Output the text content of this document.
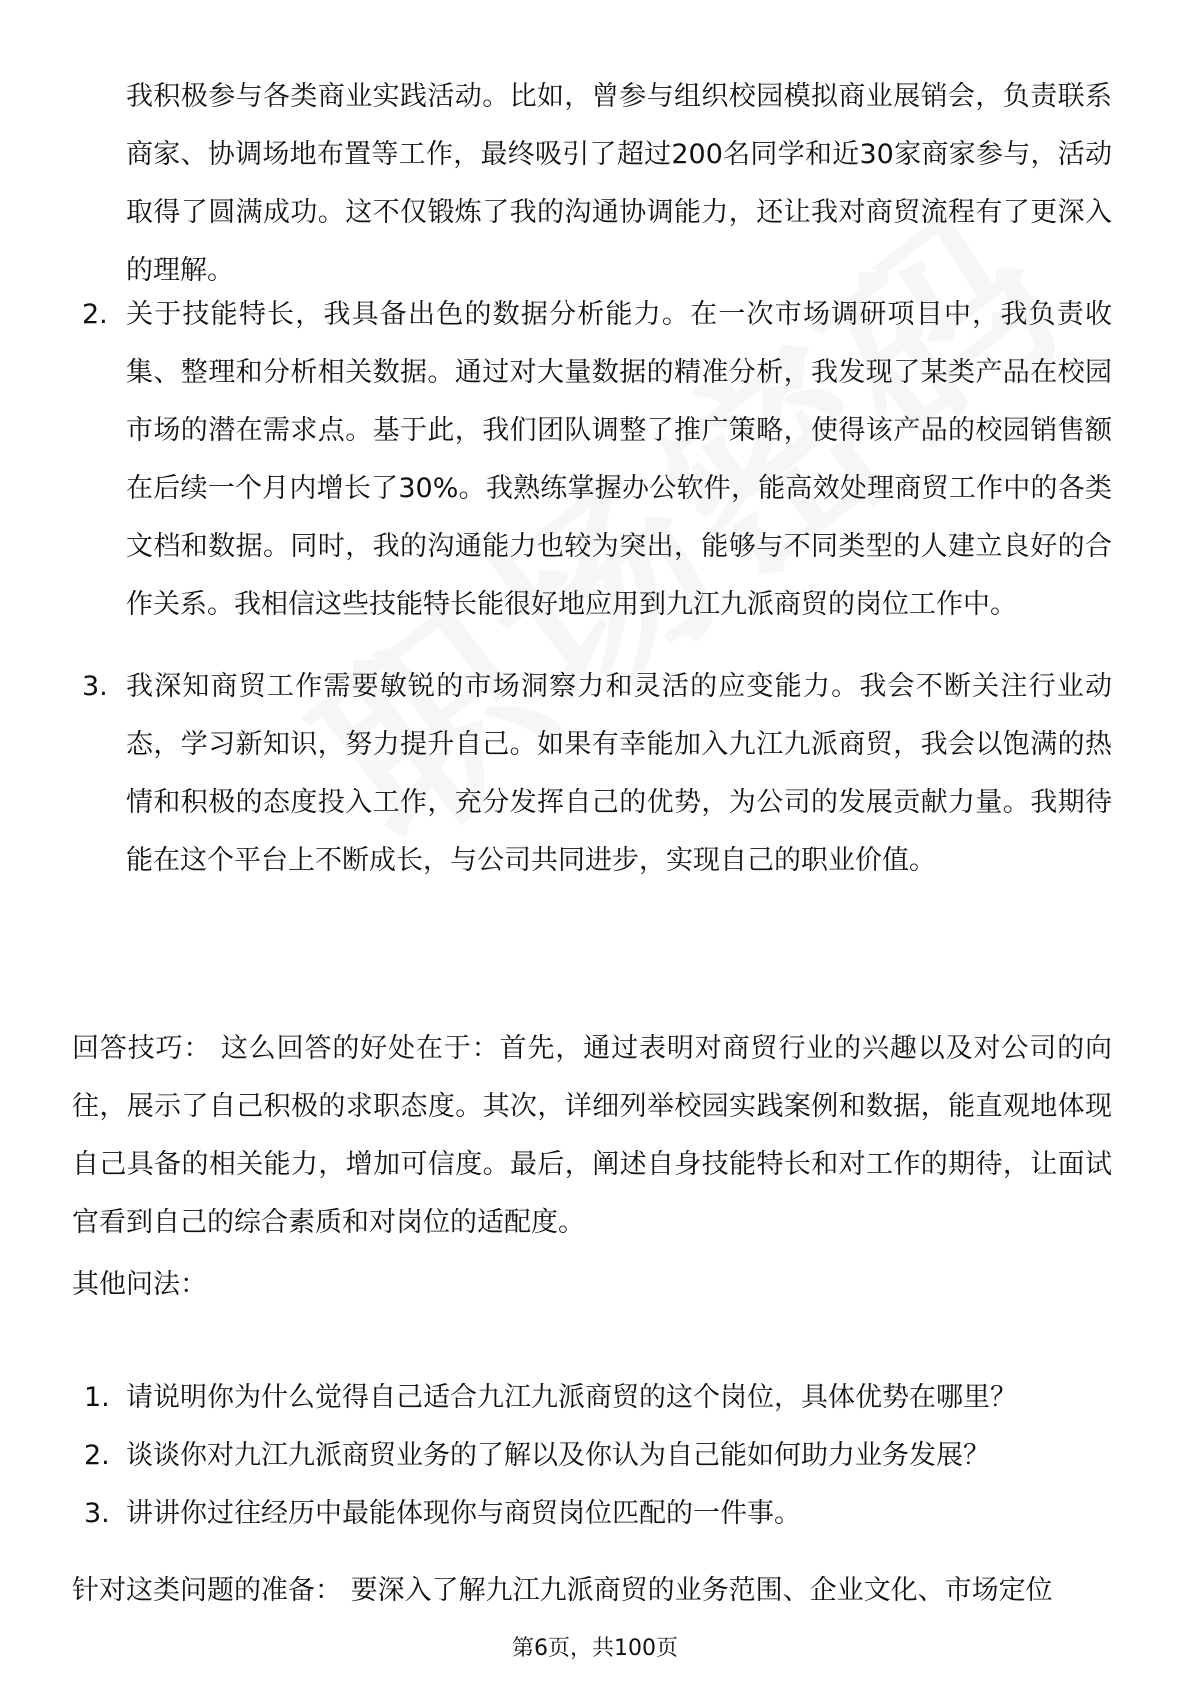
我积极参与各类商业实践活动。比如，曾参与组织校园模拟商业展销会，负责联系商家、协调场地布置等工作，最终吸引了超过200名同学和近30家商家参与，活动取得了圆满成功。这不仅锻炼了我的沟通协调能力，还让我对商贸流程有了更深入的理解。

2. 关于技能特长，我具备出色的数据分析能力。在一次市场调研项目中，我负责收集、整理和分析相关数据。通过对大量数据的精准分析，我发现了某类产品在校园市场的潜在需求点。基于此，我们团队调整了推广策略，使得该产品的校园销售额在后续一个月内增长了30%。我熟练掌握办公软件，能高效处理商贸工作中的各类文档和数据。同时，我的沟通能力也较为突出，能够与不同类型的人建立良好的合作关系。我相信这些技能特长能很好地应用到九江九派商贸的岗位工作中。
3. 我深知商贸工作需要敏锐的市场洞察力和灵活的应变能力。我会不断关注行业动态，学习新知识，努力提升自己。如果有幸能加入九江九派商贸，我会以饱满的热情和积极的态度投入工作，充分发挥自己的优势，为公司的发展贡献力量。我期待能在这个平台上不断成长，与公司共同进步，实现自己的职业价值。

回答技巧： 这么回答的好处在于：首先，通过表明对商贸行业的兴趣以及对公司的向往，展示了自己积极的求职态度。其次，详细列举校园实践案例和数据，能直观地体现自己具备的相关能力，增加可信度。最后，阐述自身技能特长和对工作的期待，让面试官看到自己的综合素质和对岗位的适配度。

其他问法：

1. 请说明你为什么觉得自己适合九江九派商贸的这个岗位，具体优势在哪里？
2. 谈谈你对九江九派商贸业务的了解以及你认为自己能如何助力业务发展？
3. 讲讲你过往经历中最能体现你与商贸岗位匹配的一件事。

针对这类问题的准备： 要深入了解九江九派商贸的业务范围、企业文化、市场定位

第6页，共100页
